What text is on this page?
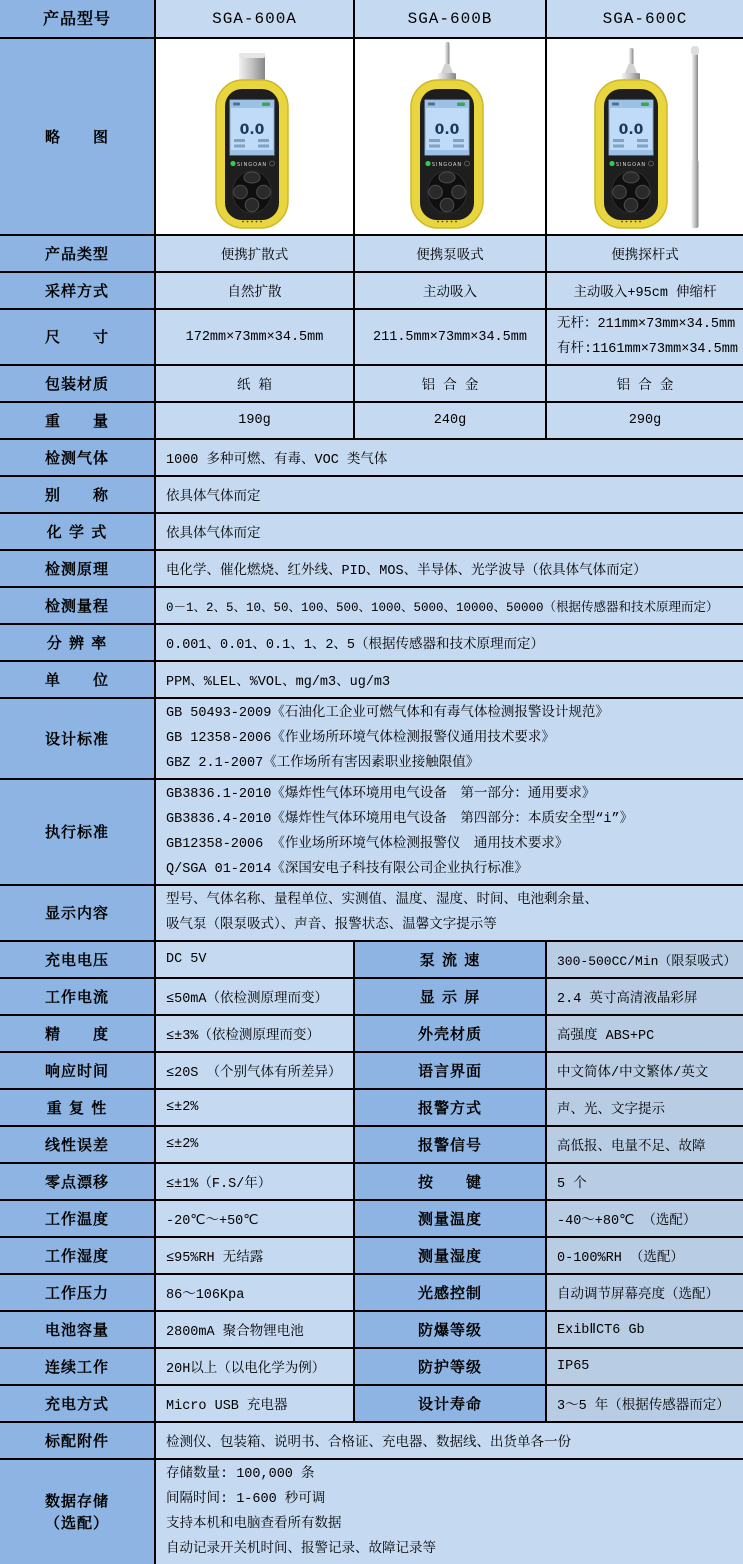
产品型号	SGA-600A	SGA-600B	SGA-600C
略　　图	0.0
SINGOAN	0.0
SINGOAN	0.0
SINGOAN

产品类型	便携扩散式	便携泵吸式	便携探杆式
采样方式	自然扩散	主动吸入	主动吸入+95cm 伸缩杆
尺　　寸	172mm×73mm×34.5mm	211.5mm×73mm×34.5mm	无杆：211mm×73mm×34.5mm
有杆:1161mm×73mm×34.5mm

包装材质	纸 箱	铝 合 金	铝 合 金
重　　量	190g	240g	290g
检测气体	1000 多种可燃、有毒、VOC 类气体		
别　　称	依具体气体而定		
化 学 式	依具体气体而定		
检测原理	电化学、催化燃烧、红外线、PID、MOS、半导体、光学波导（依具体气体而定）		
检测量程	0－1、2、5、10、50、100、500、1000、5000、10000、50000（根据传感器和技术原理而定）		
分 辨 率	0.001、0.01、0.1、1、2、5（根据传感器和技术原理而定）		
单　　位	PPM、%LEL、%VOL、mg/m3、ug/m3		
设计标准	GB 50493-2009《石油化工企业可燃气体和有毒气体检测报警设计规范》
GB 12358-2006《作业场所环境气体检测报警仪通用技术要求》
GBZ 2.1-2007《工作场所有害因素职业接触限值》		

执行标准	GB3836.1-2010《爆炸性气体环境用电气设备　第一部分：通用要求》
GB3836.4-2010《爆炸性气体环境用电气设备　第四部分：本质安全型“i”》
GB12358-2006 《作业场所环境气体检测报警仪　通用技术要求》
Q/SGA 01-2014《深国安电子科技有限公司企业执行标准》		

显示内容	型号、气体名称、量程单位、实测值、温度、湿度、时间、电池剩余量、
吸气泵（限泵吸式）、声音、报警状态、温馨文字提示等		

充电电压	DC 5V	泵 流 速	300-500CC/Min（限泵吸式）
工作电流	≤50mA（依检测原理而变）	显 示 屏	2.4 英寸高清液晶彩屏
精　　度	≤±3%（依检测原理而变）	外壳材质	高强度 ABS+PC
响应时间	≤20S （个别气体有所差异）	语言界面	中文简体/中文繁体/英文
重 复 性	≤±2%	报警方式	声、光、文字提示
线性误差	≤±2%	报警信号	高低报、电量不足、故障
零点漂移	≤±1%（F.S/年）	按　　键	5 个
工作温度	-20℃～+50℃	测量温度	-40～+80℃ （选配）
工作湿度	≤95%RH 无结露	测量湿度	0-100%RH （选配）
工作压力	86～106Kpa	光感控制	自动调节屏幕亮度（选配）
电池容量	2800mA 聚合物锂电池	防爆等级	ExibⅡCT6 Gb
连续工作	20H以上（以电化学为例）	防护等级	IP65
充电方式	Micro USB 充电器	设计寿命	3～5 年（根据传感器而定）
标配附件	检测仪、包装箱、说明书、合格证、充电器、数据线、出货单各一份		

数据存储
（选配）

存储数量: 100,000 条
间隔时间: 1-600 秒可调
支持本机和电脑查看所有数据
自动记录开关机时间、报警记录、故障记录等
